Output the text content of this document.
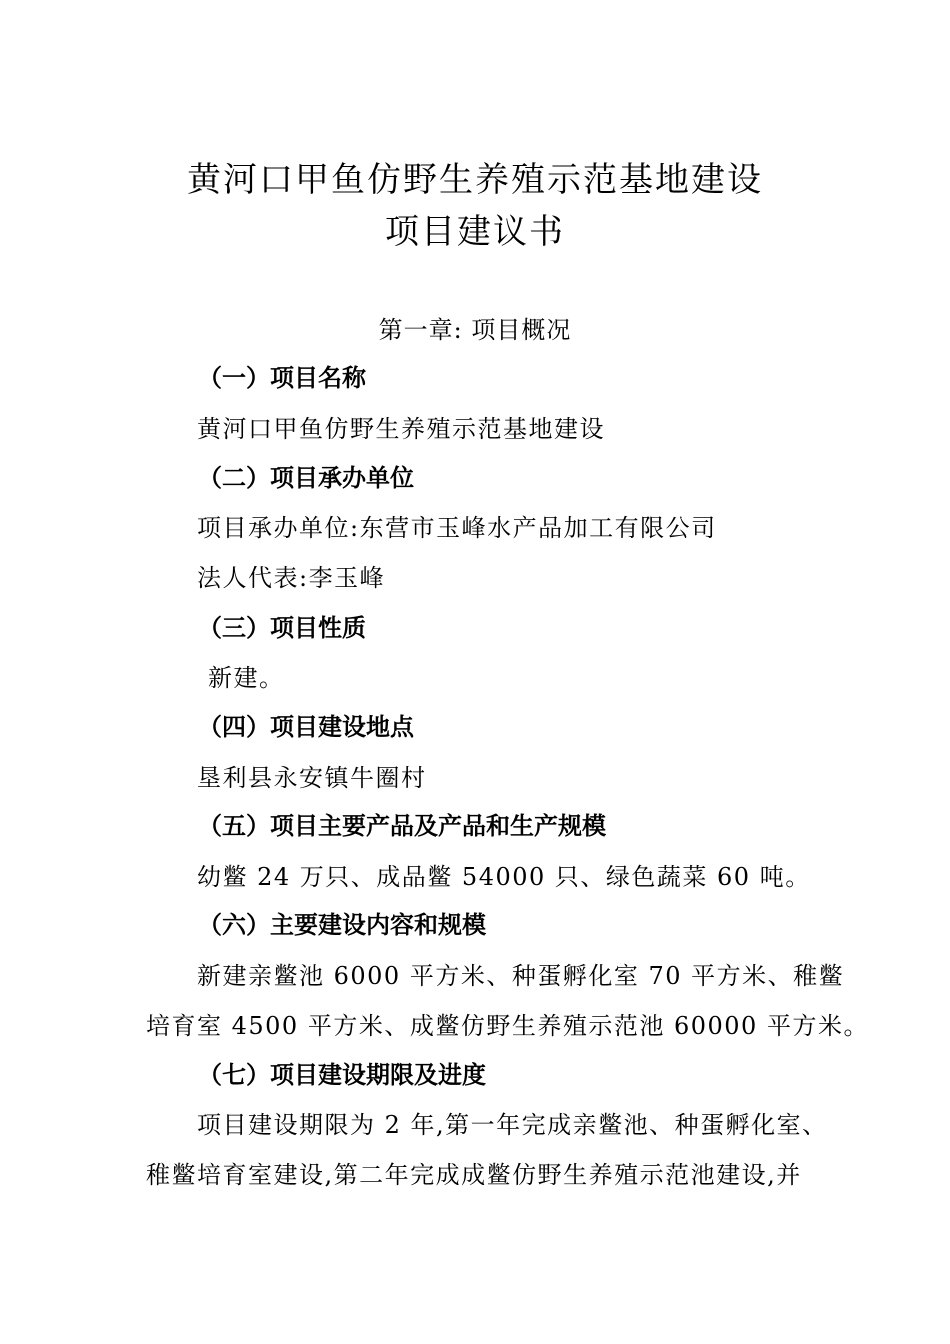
黄河口甲鱼仿野生养殖示范基地建设
项目建议书
第一章: 项目概况
（一）项目名称
黄河口甲鱼仿野生养殖示范基地建设
（二）项目承办单位
项目承办单位:东营市玉峰水产品加工有限公司
法人代表:李玉峰
（三）项目性质
新建。
（四）项目建设地点
垦利县永安镇牛圈村
（五）项目主要产品及产品和生产规模
幼鳖 24 万只、成品鳖 54000 只、绿色蔬菜 60 吨。
（六）主要建设内容和规模
新建亲鳖池 6000 平方米、种蛋孵化室 70 平方米、稚鳖
培育室 4500 平方米、成鳖仿野生养殖示范池 60000 平方米。
（七）项目建设期限及进度
项目建设期限为 2 年,第一年完成亲鳖池、种蛋孵化室、
稚鳖培育室建设,第二年完成成鳖仿野生养殖示范池建设,并
